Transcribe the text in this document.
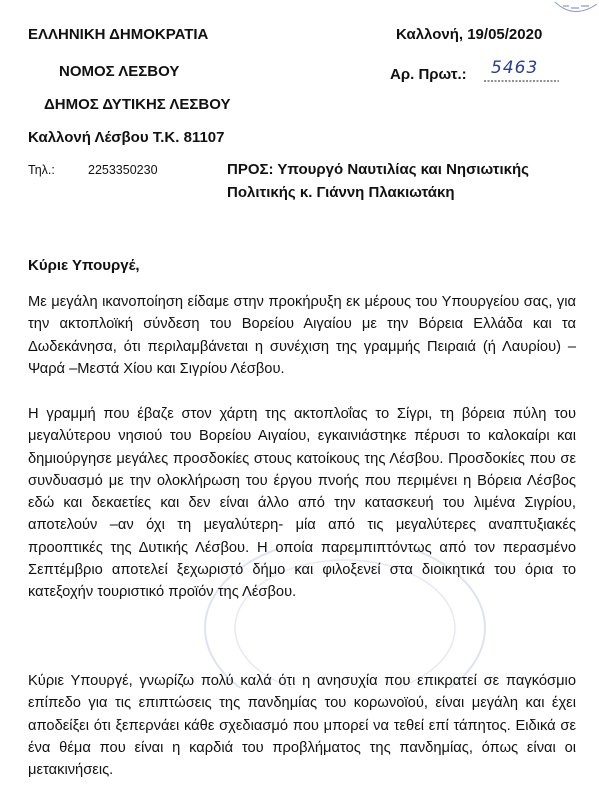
ΕΛΛΗΝΙΚΗ ΔΗΜΟΚΡΑΤΙΑ
ΝΟΜΟΣ ΛΕΣΒΟΥ
ΔΗΜΟΣ ΔΥΤΙΚΗΣ ΛΕΣΒΟΥ
Καλλονή Λέσβου Τ.Κ. 81107
Τηλ.:	2253350230
Καλλονή, 19/05/2020
Αρ. Πρωτ.: 5463
ΠΡΟΣ: Υπουργό Ναυτιλίας και Νησιωτικής
Πολιτικής κ. Γιάννη Πλακιωτάκη
Κύριε Υπουργέ,

Με μεγάλη ικανοποίηση είδαμε στην προκήρυξη εκ μέρους του Υπουργείου σας, για την ακτοπλοϊκή σύνδεση του Βορείου Αιγαίου με την Βόρεια Ελλάδα και τα Δωδεκάνησα, ότι περιλαμβάνεται η συνέχιση της γραμμής Πειραιά (ή Λαυρίου) – Ψαρά –Μεστά Χίου και Σιγρίου Λέσβου.

Η γραμμή που έβαζε στον χάρτη της ακτοπλοΐας το Σίγρι, τη βόρεια πύλη του μεγαλύτερου νησιού του Βορείου Αιγαίου, εγκαινιάστηκε πέρυσι το καλοκαίρι και δημιούργησε μεγάλες προσδοκίες στους κατοίκους της Λέσβου. Προσδοκίες που σε συνδυασμό με την ολοκλήρωση του έργου πνοής που περιμένει η Βόρεια Λέσβος εδώ και δεκαετίες και δεν είναι άλλο από την κατασκευή του λιμένα Σιγρίου, αποτελούν –αν όχι τη μεγαλύτερη- μία από τις μεγαλύτερες αναπτυξιακές προοπτικές της Δυτικής Λέσβου. Η οποία παρεμπιπτόντως από τον περασμένο Σεπτέμβριο αποτελεί ξεχωριστό δήμο και φιλοξενεί στα διοικητικά του όρια το κατεξοχήν τουριστικό προϊόν της Λέσβου.

Κύριε Υπουργέ, γνωρίζω πολύ καλά ότι η ανησυχία που επικρατεί σε παγκόσμιο επίπεδο για τις επιπτώσεις της πανδημίας του κορωνοϊού, είναι μεγάλη και έχει αποδείξει ότι ξεπερνάει κάθε σχεδιασμό που μπορεί να τεθεί επί τάπητος. Ειδικά σε ένα θέμα που είναι η καρδιά του προβλήματος της πανδημίας, όπως είναι οι μετακινήσεις.
